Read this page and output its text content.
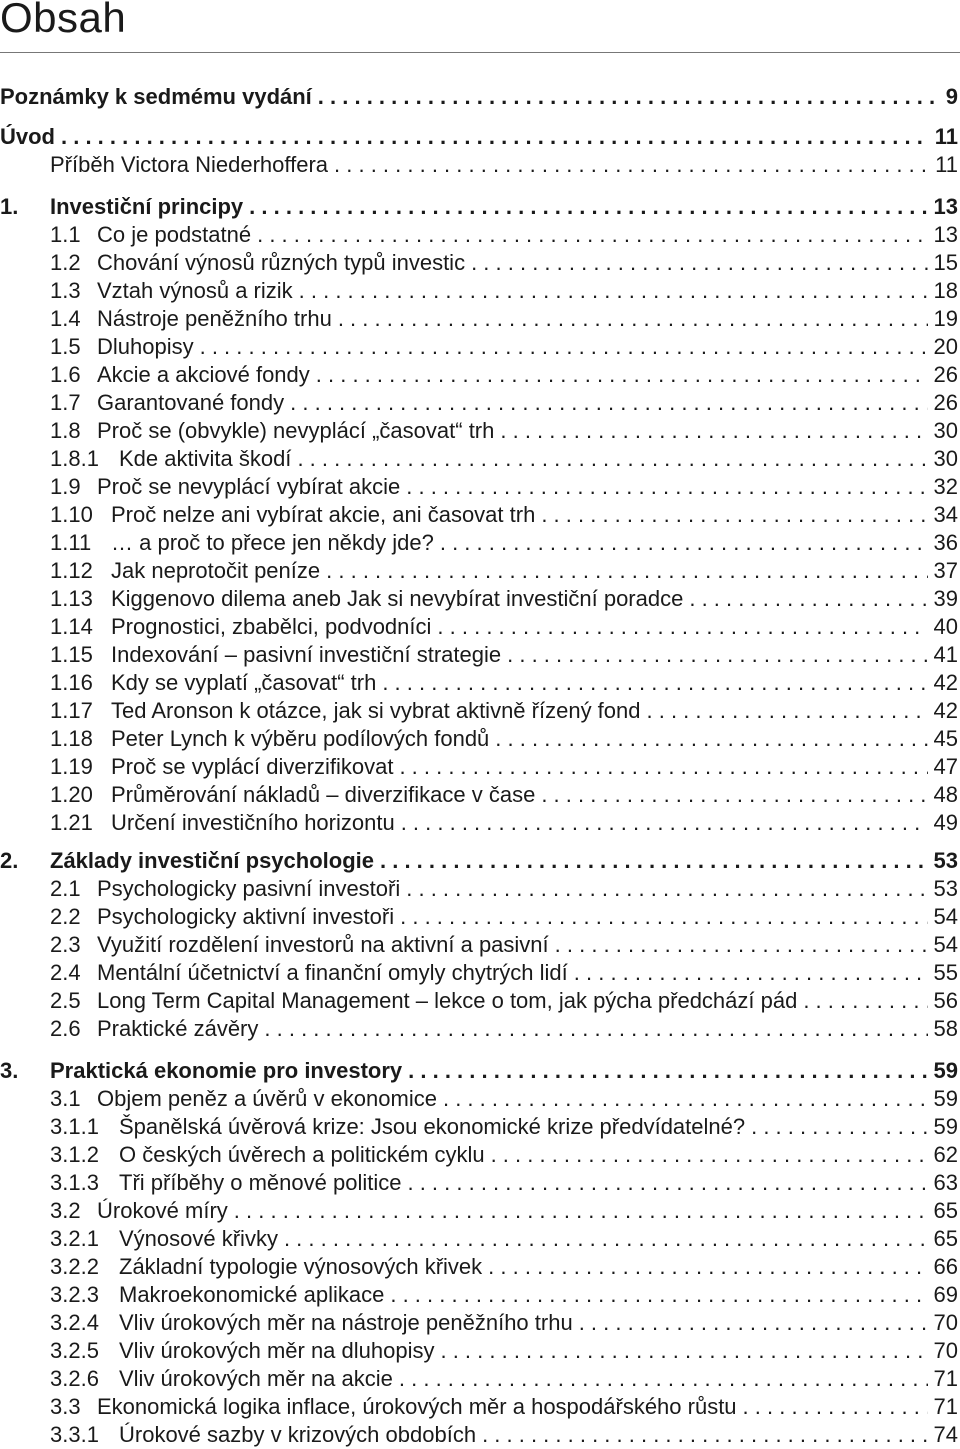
Obsah
Poznámky k sedmému vydání . . .	9
Úvod . . .	11
Příběh Victora Niederhoffera . . .	11
1.	Investiční principy . . .	13
1.1 Co je podstatné . . .	13
1.2 Chování výnosů různých typů investic . . .	15
1.3 Vztah výnosů a rizik . . .	18
1.4 Nástroje peněžního trhu . . .	19
1.5 Dluhopisy . . .	20
1.6 Akcie a akciové fondy . . .	26
1.7 Garantované fondy . . .	26
1.8 Proč se (obvykle) nevyplácí „časovat“ trh . . .	30
1.8.1 Kde aktivita škodí . . .	30
1.9 Proč se nevyplácí vybírat akcie . . .	32
1.10 Proč nelze ani vybírat akcie, ani časovat trh . . .	34
1.11 … a proč to přece jen někdy jde? . . .	36
1.12 Jak neprotočit peníze . . .	37
1.13 Kiggenovo dilema aneb Jak si nevybírat investiční poradce . . .	39
1.14 Prognostici, zbabělci, podvodníci . . .	40
1.15 Indexování – pasivní investiční strategie . . .	41
1.16 Kdy se vyplatí „časovat“ trh . . .	42
1.17 Ted Aronson k otázce, jak si vybrat aktivně řízený fond . . .	42
1.18 Peter Lynch k výběru podílových fondů . . .	45
1.19 Proč se vyplácí diverzifikovat . . .	47
1.20 Průměrování nákladů – diverzifikace v čase . . .	48
1.21 Určení investičního horizontu . . .	49
2.	Základy investiční psychologie . . .	53
2.1 Psychologicky pasivní investoři . . .	53
2.2 Psychologicky aktivní investoři . . .	54
2.3 Využití rozdělení investorů na aktivní a pasivní . . .	54
2.4 Mentální účetnictví a finanční omyly chytrých lidí . . .	55
2.5 Long Term Capital Management – lekce o tom, jak pýcha předchází pád . . .	56
2.6 Praktické závěry . . .	58
3.	Praktická ekonomie pro investory . . .	59
3.1 Objem peněz a úvěrů v ekonomice . . .	59
3.1.1 Španělská úvěrová krize: Jsou ekonomické krize předvídatelné? . . .	59
3.1.2 O českých úvěrech a politickém cyklu . . .	62
3.1.3 Tři příběhy o měnové politice . . .	63
3.2 Úrokové míry . . .	65
3.2.1 Výnosové křivky . . .	65
3.2.2 Základní typologie výnosových křivek . . .	66
3.2.3 Makroekonomické aplikace . . .	69
3.2.4 Vliv úrokových měr na nástroje peněžního trhu . . .	70
3.2.5 Vliv úrokových měr na dluhopisy . . .	70
3.2.6 Vliv úrokových měr na akcie . . .	71
3.3 Ekonomická logika inflace, úrokových měr a hospodářského růstu . . .	71
3.3.1 Úrokové sazby v krizových obdobích . . .	74
